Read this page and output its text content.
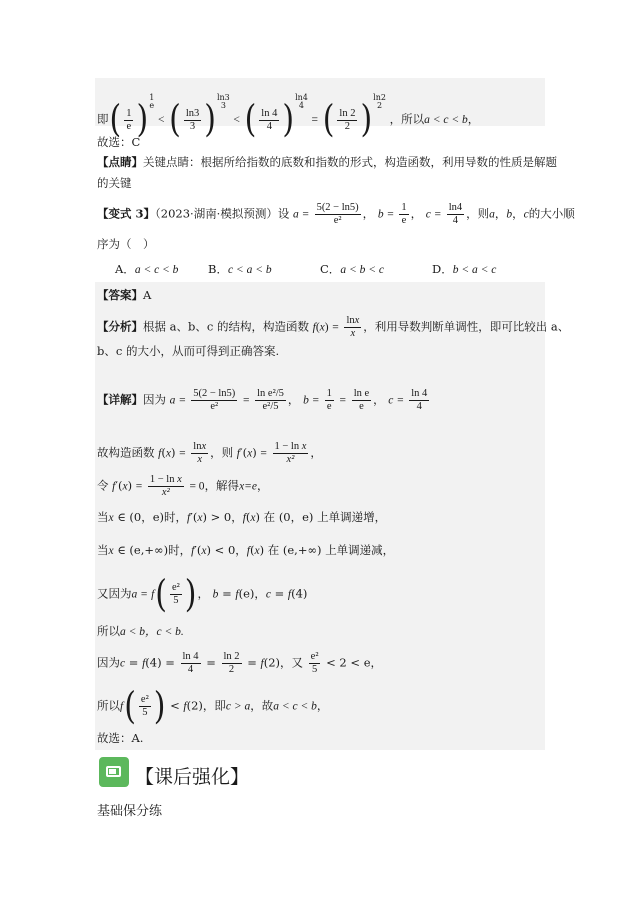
即( $\frac{1}{e}$ ) 1
e
< ( $\frac{\ln 3}{3}$ ) ln3
3
< ( $\frac{\ln 4}{4}$ ) ln4
4
= ( $\frac{\ln 2}{2}$ ) ln2
2
，所以a < c < b，
故选：C
【点睛】关键点睛：根据所给指数的底数和指数的形式，构造函数，利用导数的性质是解题
的关键
【变式 3】（2023·湖南·模拟预测）设 $a = \frac{5(2 - \ln 5)}{\text{e²}}$ ， $b = \frac{1}{e}$ ， $c = \frac{\ln 4}{4}$ ，则a，b，c的大小顺
序为（　）
A．a < c < b	B．c < a < b	C．a < b < c	D．b < a < c
【答案】A
【分析】根据 a、b、c 的结构，构造函数 $f(x) = \frac{\ln x}{x}$ ，利用导数判断单调性，即可比较出 a、
b、c 的大小，从而可得到正确答案.
【详解】因为 $a = \frac{5(2 - \ln 5)}{\text{e²}} = \frac{\text{ln e²/5}}{\text{e²/5}}$ ， $b = \frac{1}{e} = \frac{\text{ln e}}{e}$ ， $c = \frac{\ln 4}{4}$
故构造函数 $f(x) = \frac{\ln x}{x}$ ，则 $f'(x) = \frac{\text{1 − ln x}}{\text{x²}}$ ，
令 $f'(x) = \frac{\text{1 − ln x}}{\text{x²}} = 0$，解得x=e，
当x ∈ (0，e)时，f′(x) > 0，f(x) 在 (0，e) 上单调递增，
当x ∈ (e,+∞)时，f′(x) < 0，f(x) 在 (e,+∞) 上单调递减，
又因为$a = f( \frac{\text{e²}}{5}$ )， b = f(e)，c = f(4)
所以a < b，c < b.
因为$c = f(4) = \frac{\ln 4}{4} = \frac{\ln 2}{2} = f(2)$，又 $\frac{\text{e²}}{5} < 2 < e$，
所以$f( \frac{\text{e²}}{5}$ ) < f(2)，即c > a，故a < c < b，
故选：A.
【课后强化】
基础保分练
